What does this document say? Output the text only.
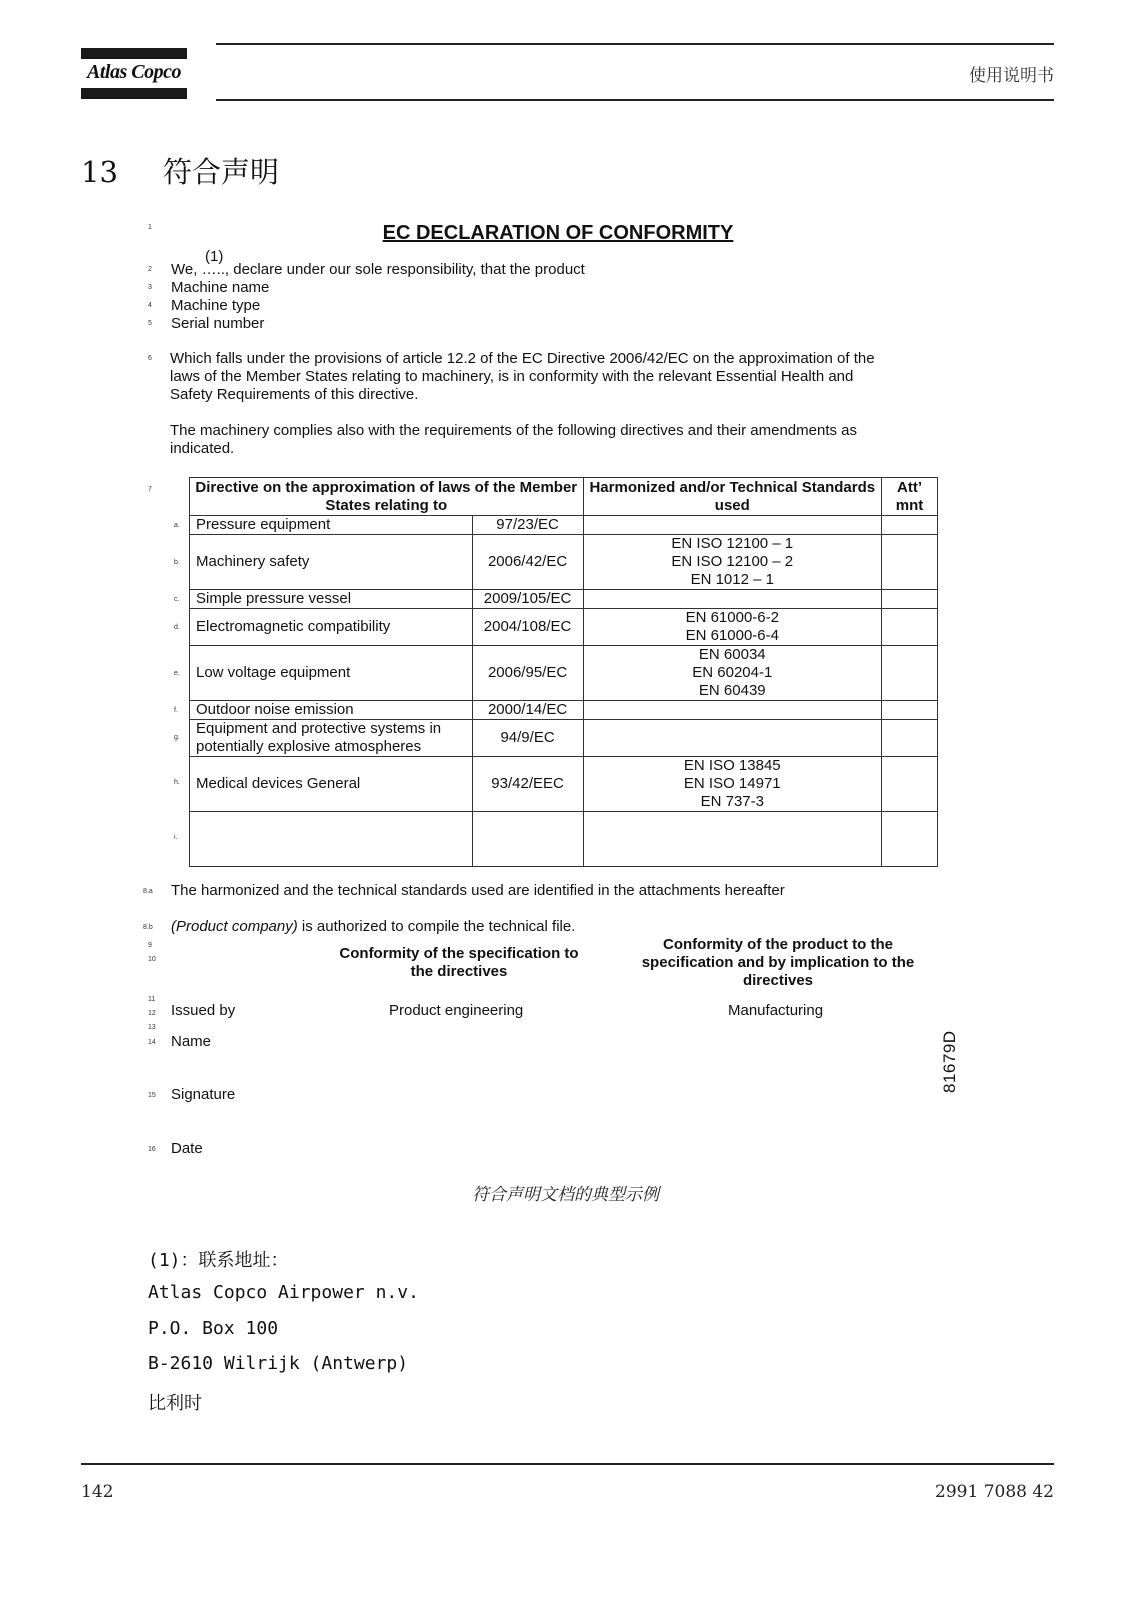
Atlas Copco	使用说明书
13 符合声明
EC DECLARATION OF CONFORMITY
1
2
3
4
5
6
7
(1)
We, ….., declare under our sole responsibility, that the product
Machine name
Machine type
Serial number
Which falls under the provisions of article 12.2 of the EC Directive 2006/42/EC on the approximation of the
laws of the Member States relating to machinery, is in conformity with the relevant Essential Health and
Safety Requirements of this directive.
The machinery complies also with the requirements of the following directives and their amendments as
indicated.
Directive on the approximation of laws of the Member States relating to		Harmonized and/or Technical Standards used	Att’ mnt
Pressure equipment	97/23/EC		
Machinery safety	2006/42/EC	EN ISO 12100 – 1
EN ISO 12100 – 2
EN 1012 – 1	
Simple pressure vessel	2009/105/EC		
Electromagnetic compatibility	2004/108/EC	EN 61000-6-2
EN 61000-6-4	
Low voltage equipment	2006/95/EC	EN 60034
EN 60204-1
EN 60439	
Outdoor noise emission	2000/14/EC		
Equipment and protective systems in potentially explosive atmospheres	94/9/EC		
Medical devices General	93/42/EEC	EN ISO 13845
EN ISO 14971
EN 737-3	

a.
b.
c.
d.
e.
f.
g.
h.
i.
8.a The harmonized and the technical standards used are identified in the attachments hereafter
8.b (Product company) is authorized to compile the technical file.
9
10	Conformity of the specification to the directives
Conformity of the product to the specification and by implication to the directives
11
12
13
14
Issued by	Product engineering	Manufacturing
Name
15	Signature
16	Date
81679D
符合声明文档的典型示例
(1)：联系地址：
Atlas Copco Airpower n.v.
P.O. Box 100
B-2610 Wilrijk (Antwerp)
比利时
142	2991 7088 42
